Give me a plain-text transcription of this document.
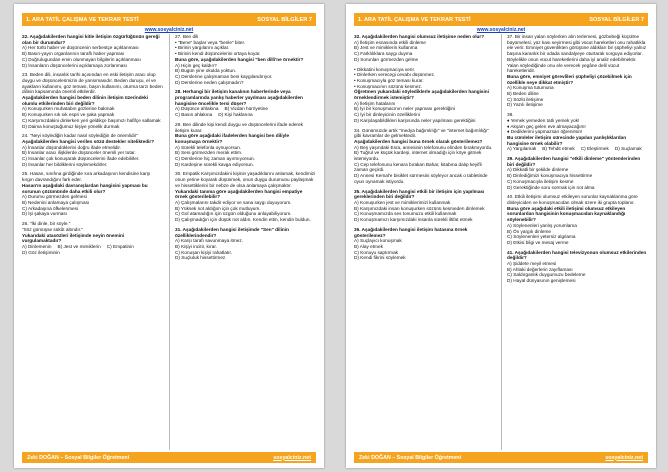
1. ARA TATİL ÇALIŞMA VE TEKRAR TESTİ	SOSYAL BİLGİLER 7
www.sosyalciniz.net
22. Aşağıdakilerden hangisi kitle iletişim özgürlüğünün gereği olan bir durumdur?
A) Her türlü haber ve düşüncenin serbestçe açıklanması
B) Basın-yayın organlarının taraflı haber yapması
C) Doğrulugundan emin olunmayan bilgilerin açıklanması
D) İnsanların düşüncelerini açıklamaya zorlanması
23. Beden dili, insanlık tarihi açısından en eski iletişim aracı olup duygu ve düşüncelerimizin de yansımasıdır. Beden duruşu, el ve ayakların kullanımı, göz teması, başın kullanımı, oturma tarzı beden dilinin kapsamında önemli etkilerdir.
Aşağıdakilerden hangisi beden dilinin iletişim üzerindeki olumlu etkilerinden biri değildir?
A) Konuşurken muhatabın gözlerine bakmak
B) Konuşurken sık sık espri ve şaka yapmak
C) Karşımızdakini dinlerken yeri geldikçe başımızı hafifçe sallamak
D) Daima konuştuğumuz kişiye yönelik durmak
24. "Neyi söylediğin kadar nasıl söylediğin de önemlidir"
Aşağıdakilerden hangisi verilen sözü destekler niteliktedir?
A) İnsanlar düşündüklerini doğru ifade etmelidir.
B) İnsanlar aracı ilişkilerde düşünceler önemli yer tutar.
C) İnsanlar çok konuşarak düşüncelerini ifade edebilirler.
D) İnsanlar her bildiklerini söylemekdirler.
25. Hasan, sınıfına girdiğinde sıra arkadaşının kendisine karşı kırgın davrandığını fark eder.
Hasan'ın aşağıdaki davranışlardan hangisini yapması bu sorunun çözümünde daha etkili olur?
A) Durumu görmezden gelmesi
B) Nedenini anlamaya çalışması
C) Arkadaşına öfkelenmesi
D) İşi şakaya vurması
26. "İki dinle, bir söyle."
"Söz gümüşse sükût altındır."
Yukarıdaki atasözleri iletişimde neyin önemini vurgulamaktadır?
A) Dinlemenin B) Jest ve mimiklerin C) EmpatininD) Göz iletişiminin
27. Ben dili
• "Bene" başlar veya "benle" biter.
• Birinin yargılarını açıklar.
• Birinin kendi düşüncelerini ortaya koyar.
Buna göre, aşağıdakilerden hangisi "ben dilli'ne örnektir?
A) Hiçin geç kaldın?
B) Bugün yine okulda yoktun.
C) Derslerine çalışmaman beni kaygılandırıyor.
D) Derslerine neden çalışmadın?
28. Herhangi bir iletişim kanalının haberlerinde veya programlarında yanlış haberler yayılması aşağıdakilerden hangisine öncelikle tersi düşer?
A) Düşünce ahlakına B) Vicdan hürriyetineC) Basın ahlakına D) Kişi haklarına
29. Ben dilinde kişi kendi duygu ve düşüncelerini ifade ederek iletişim kurar.
Buna göre aşağıdaki ifadelerden hangisi ben diliyle konuşmaya örnektir?
A) Sürekli telefonla oynuyorsun.
B) Seni görmezden merak ettim.
C) Derslerine hiç zaman ayırmıyorsun.
D) Kardeşine sürekli kavga ediyorsun.
30. Empatik Karşımızdakini kişinin yaşadıklarını anlamak, kendimizi onun yerine koyarak düşünmek, onun duygu durumunu paylaşmak ve hissettiklerini bir nebze de olsa anlamaya çalışmaktır.
Yukarıdaki tanıma göre aşağıdakilerden hangisi empatiye örnek gösterilebilir?
A) Çalışmalarını takdir ediyor ve sana saygı duyuyorum.
B) Yüksek not aldığım için çok mutluyum.
C) Gol atamadığın için üzgün olduğunu anlayabiliyorum.
D) Çalışmadığın için düşük not aldın. Kendin ettin, kendin buldun.
31. Aşağıdakilerden hangisi iletişimde "Sen" dilinin özelliklerindendir?
A) Karşı tarafı savunmaya itmez.
B) Kişiyi incitir, kırar.
C) Konuşan kişiyi rahatlatır.
D) Suçluluk hissettirmez.
Zeki DOĞAN – Sosyal Bilgiler Öğretmeni	sosyalciniz.net
1. ARA TATİL ÇALIŞMA VE TEKRAR TESTİ	SOSYAL BİLGİLER 7
www.sosyalciniz.net
32. Aşağıdakilerden hangisi olumsuz iletişime neden olur?
A) İletişim esnasında etkili dinleme
B) Jest ve mimiklerin kullanma
C) Farklılıklara saygı duyma
D) Sorunları görmezden gelme
• Dikkatini konuşmacıya verir.
• Dinlerken verecegi cevabı düşünmez.
• Konuşmacıyla göz teması kurar.
• Konuşmacının sözünü kesmez.
Öğretmen yukarıdaki söylediklerle aşağıdakilerden hangisini örneklendirmek istemiştir?
A) İletişim hatalarını
B) İyi bir konuşmacının neler yapması gerektiğini
C) İyi bir dinleyicinin özelliklerini
D) Karşılaşabildikleri karşısında neler yapılması gerektiğini
34. Günümüzde artık "medya bağımlılığı" ve "internet bağımlılığı" gibi kavramlar de gelmektedir.
Aşağıdakilerden hangisi buna örnek olarak gösterilemez?
A) Beş yaşındaki Esra, annesinin telefonunu elinden bırakmıyordu.
B) Tuğrul ve küçük kardeşi, internet olmadığı için köye gitmek istemiyordu.
C) Cep telefonunu kenara bırakan Bahar, kitabına dalıp keyifli zaman geçirdi.
D) Annesi Kemal'e bisiklet sürmesini söyleyor ancak o tabletinde oyun oynamak istiyordu.
35. Aşağıdakilerden hangisi etkili bir iletişim için yapılması gereklerinden biri değildir?
A) Konuşurken jest ve mimiklerimizi kullanmak
B) Karşımızdaki insan konuşurken sözünü kesmeden dinlemek
C) Konuşmamızda ses tonumuzu etkili kullanmak
D) Konuşmamızı karşımızdaki insanla sürekli iltifat etmek
36. Aşağıdakilerden hangisi iletişim hatasına örnek gösterilemez?
A) Suçlayıcı konuşmak
B) Alay etmek
C) Konuyu saptırmak
D) Kendi fikrini söylemek
37. Bir insan yalan söylerken alın terlemesi, gözbebeği küçülme büyümelesi, yüz kası seyirmesi gibi vücut hareketleri onu rahatlıkla ele verir. Emniyet güvenlikten görüşüne aldıkları bir şüpheliyi yalnız başına karanlık bir odada sandalyeye oturtarak sorguya ediyorlar. Böylelikle onun vücut hareketlerini daha iyi analiz edebilmektir. Yalan söylediğinde onu ele verecek yegâne delil vücut hareketleridir.
Buna göre, emniyet görevlileri şüpheliyi çözebilmek için özellikle neye dikkat etmiştir?
A) Konuşma tutumuna
B) Beden diline
C) Sözlü iletişime
D) Yazılı iletişime
38.
♦ Yemek yemeden tatlı yemek yok!
♦ Akşam geç gelen eve almayacağım!
♦ Dediklerimi yapmazsan öğrenirsin!
Bu cümleler iletişim sürecinde yapılan yanlışlıklardan hangisine örnek olabilir?
A) Yargılamak B) Tehdit etmek C) Eleştirmek D) Suçlamak
39. Aşağıdakilerden hangisi "etkili dinleme" yöntemlerinden biri değildir?
A) Dikkatli bir şekilde dinleme
B) Dinlediğimizi konuşmacıya hissettirme
C) Konuşmacıyla iletişim kesme
D) Gerektiğinde soru sormak için not alma
40. Etkili iletişimi olumsuz etkileyen sorunlar kaynaklanma göre dinleyiciden ve konuşmacıdan olmak üzere iki grupta toplanır.
Buna göre aşağıdaki etkili iletişimi olumsuz etkileyen sorunlardan hangisinin konuşmacıdan kaynaklandığı söylenebilir?
A) Söylenenleri yanlış yorumlama
B) Ön yargılı dinleme
C) Söylenenleri yetersiz algılama
D) Etkisi bilgi ve mesaj verme
41. Aşağıdakilerden hangisi televizyonun olumsuz etkilerinden değildir?
A) Şiddete meyil etmesi
B) Ahlaki değerlerin zayıflaması
C) Saldırganlık duygumuzu bedeleme
D) Hayal dünyasının genişlemesi
Zeki DOĞAN – Sosyal Bilgiler Öğretmeni	sosyalciniz.net
